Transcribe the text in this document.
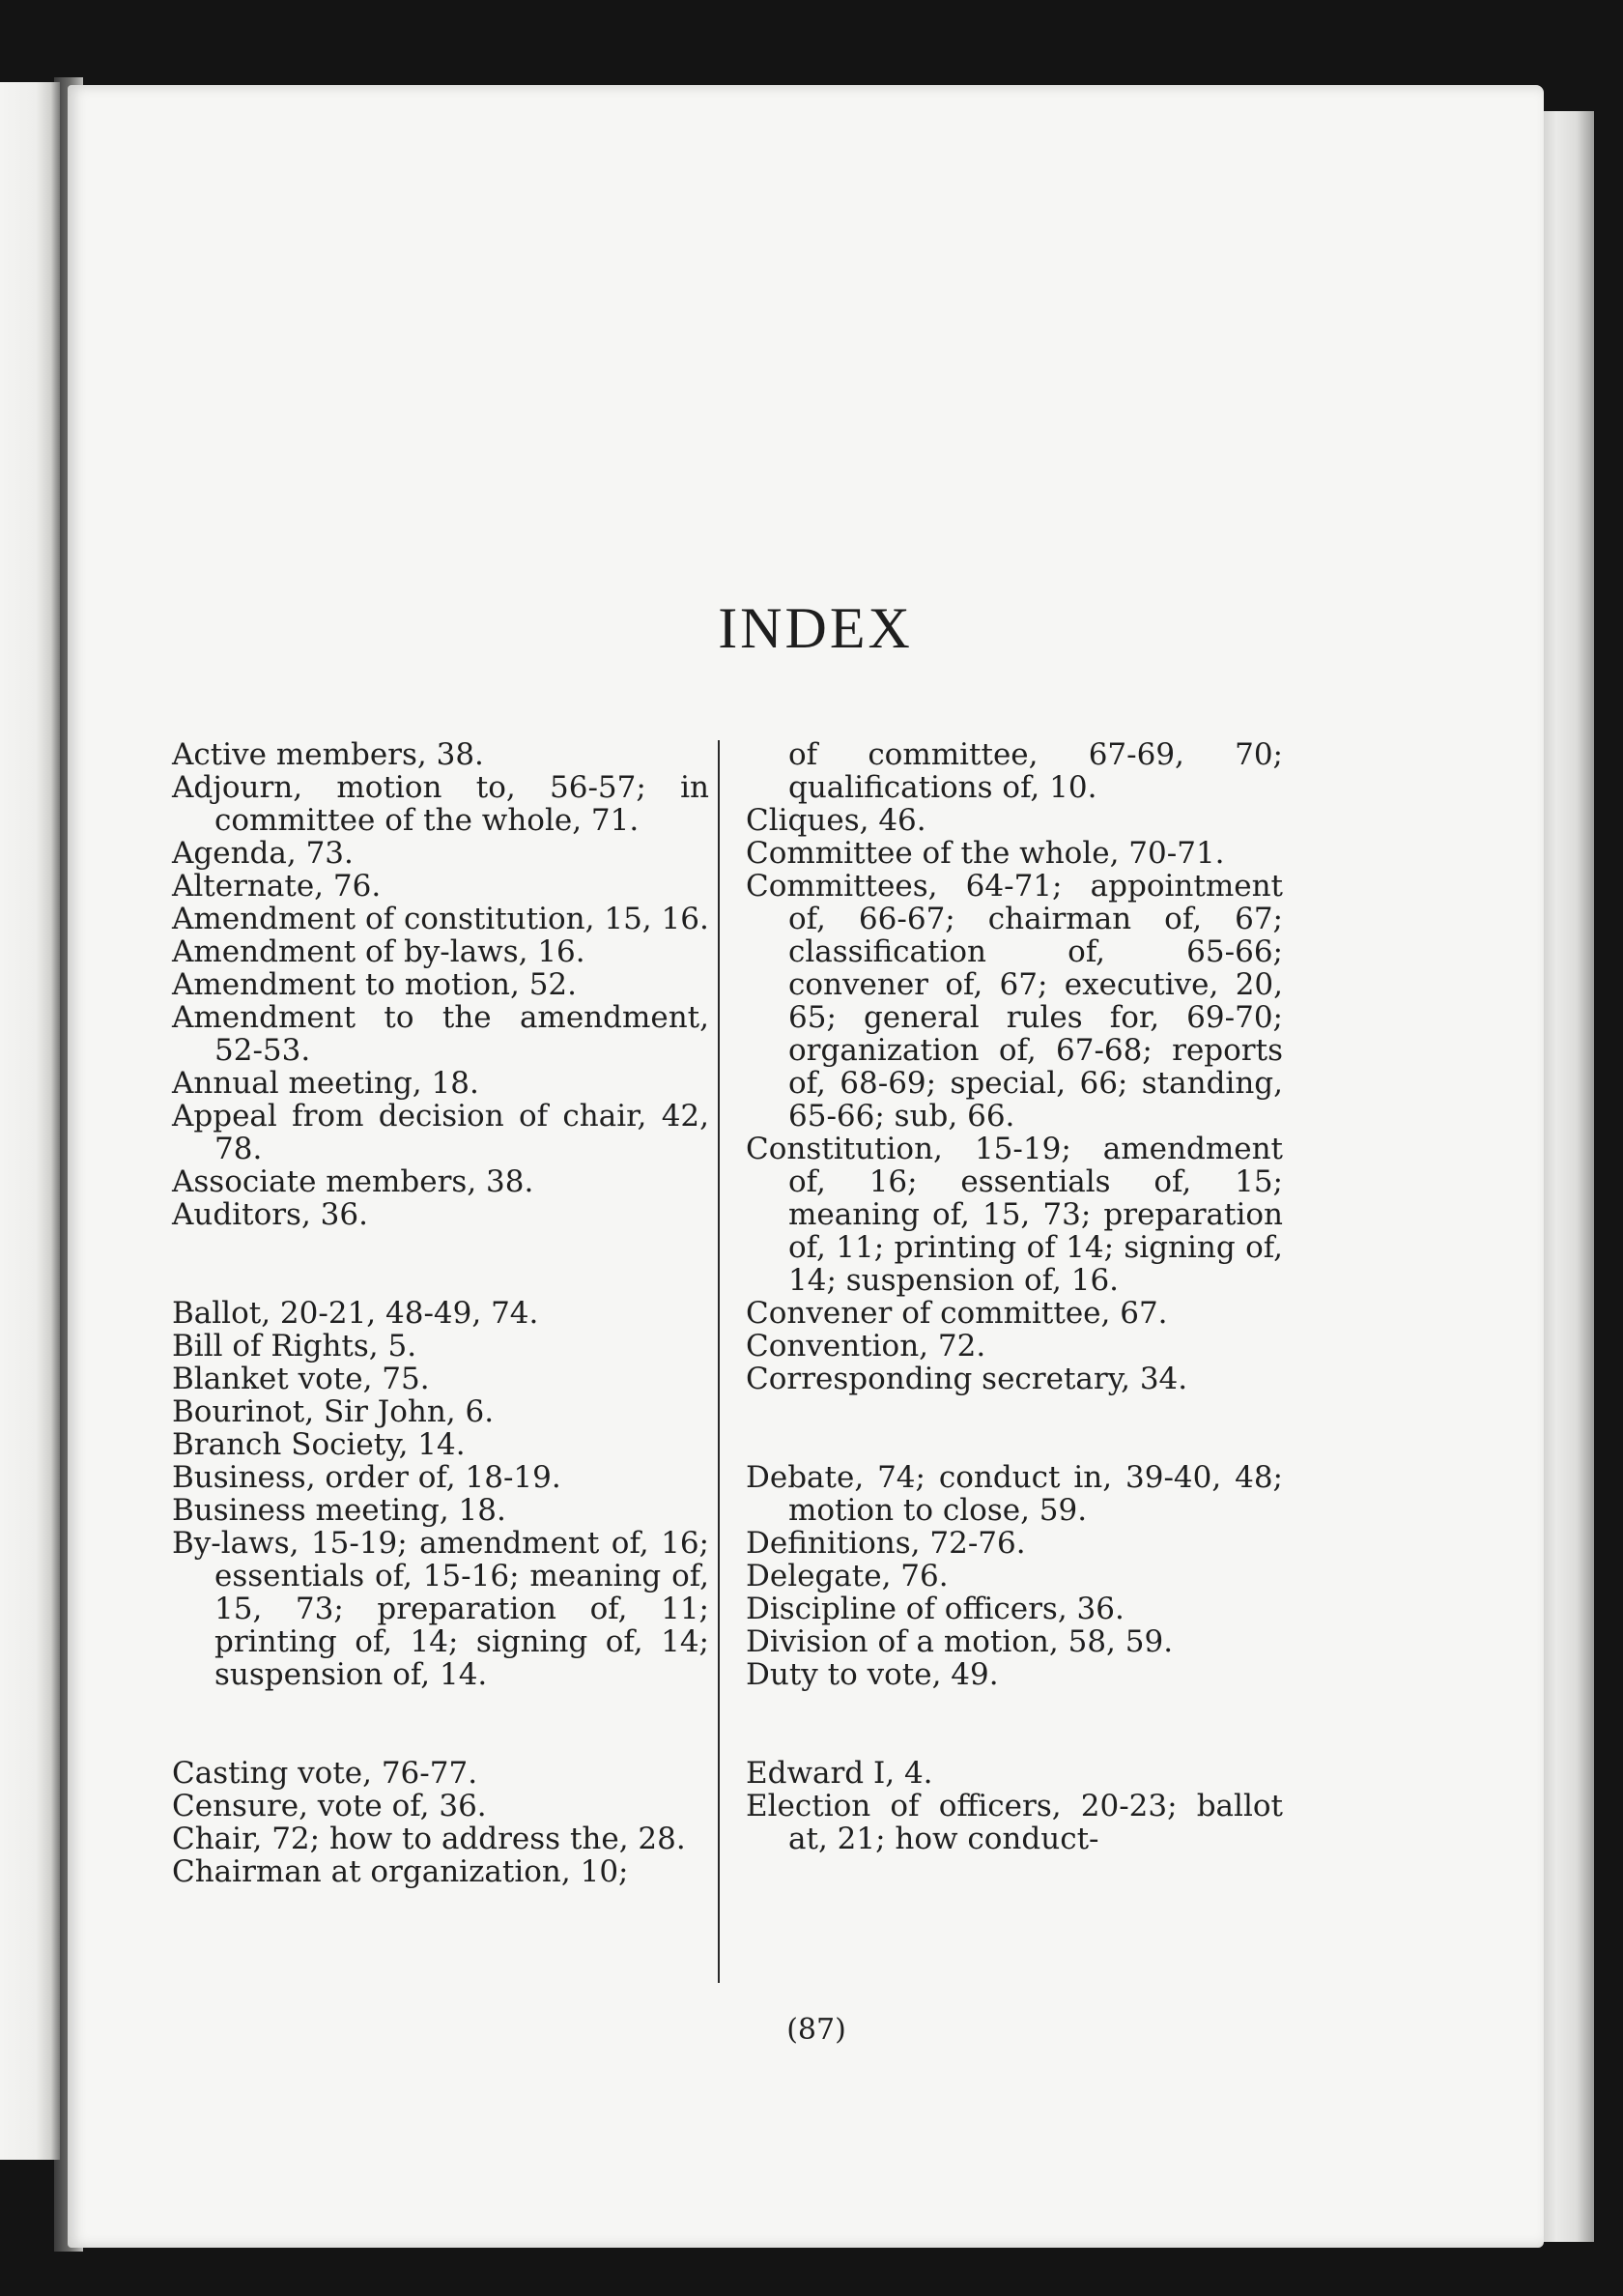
INDEX
Active members, 38.
Adjourn, motion to, 56-57; in committee of the whole, 71.
Agenda, 73.
Alternate, 76.
Amendment of constitution, 15, 16.
Amendment of by-laws, 16.
Amendment to motion, 52.
Amendment to the amendment, 52-53.
Annual meeting, 18.
Appeal from decision of chair, 42, 78.
Associate members, 38.
Auditors, 36.
Ballot, 20-21, 48-49, 74.
Bill of Rights, 5.
Blanket vote, 75.
Bourinot, Sir John, 6.
Branch Society, 14.
Business, order of, 18-19.
Business meeting, 18.
By-laws, 15-19; amendment of, 16; essentials of, 15-16; meaning of, 15, 73; preparation of, 11; printing of, 14; signing of, 14; suspension of, 14.
Casting vote, 76-77.
Censure, vote of, 36.
Chair, 72; how to address the, 28.
Chairman at organization, 10;
of committee, 67-69, 70; qualifications of, 10.
Cliques, 46.
Committee of the whole, 70-71.
Committees, 64-71; appointment of, 66-67; chairman of, 67; classification of, 65-66; convener of, 67; executive, 20, 65; general rules for, 69-70; organization of, 67-68; reports of, 68-69; special, 66; standing, 65-66; sub, 66.
Constitution, 15-19; amendment of, 16; essentials of, 15; meaning of, 15, 73; preparation of, 11; printing of 14; signing of, 14; suspension of, 16.
Convener of committee, 67.
Convention, 72.
Corresponding secretary, 34.
Debate, 74; conduct in, 39-40, 48; motion to close, 59.
Definitions, 72-76.
Delegate, 76.
Discipline of officers, 36.
Division of a motion, 58, 59.
Duty to vote, 49.
Edward I, 4.
Election of officers, 20-23; ballot at, 21; how conduct-
(87)
